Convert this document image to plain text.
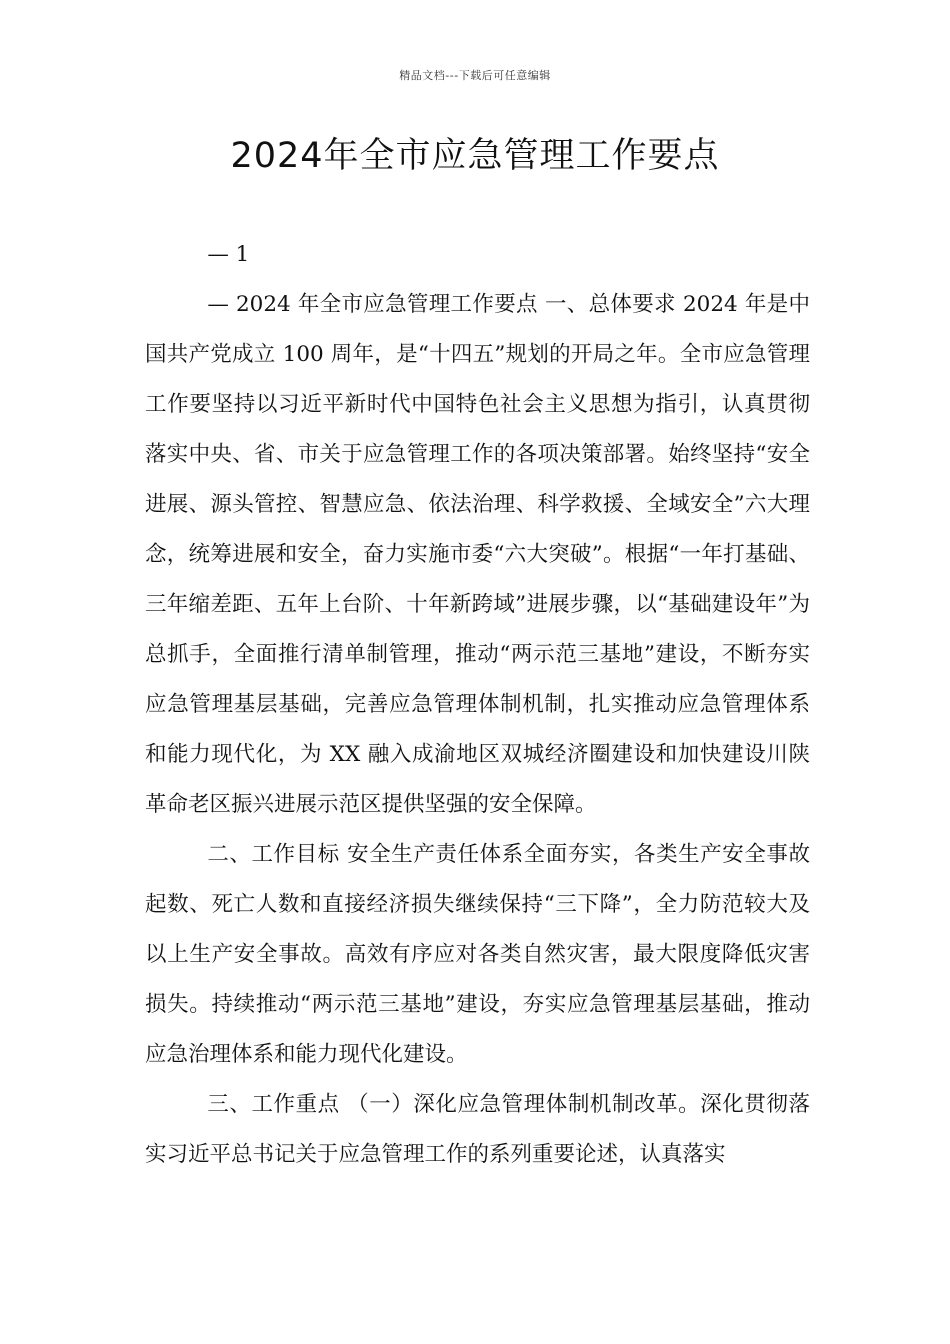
精品文档---下载后可任意编辑
2024年全市应急管理工作要点

— 1

— 2024 年全市应急管理工作要点 一、总体要求 2024 年是中国共产党成立 100 周年，是“十四五”规划的开局之年。全市应急管理工作要坚持以习近平新时代中国特色社会主义思想为指引，认真贯彻落实中央、省、市关于应急管理工作的各项决策部署。始终坚持“安全进展、源头管控、智慧应急、依法治理、科学救援、全域安全”六大理念，统筹进展和安全，奋力实施市委“六大突破”。根据“一年打基础、三年缩差距、五年上台阶、十年新跨域”进展步骤，以“基础建设年”为总抓手，全面推行清单制管理，推动“两示范三基地”建设，不断夯实应急管理基层基础，完善应急管理体制机制，扎实推动应急管理体系和能力现代化，为 XX 融入成渝地区双城经济圈建设和加快建设川陕革命老区振兴进展示范区提供坚强的安全保障。

二、工作目标 安全生产责任体系全面夯实，各类生产安全事故起数、死亡人数和直接经济损失继续保持“三下降”，全力防范较大及以上生产安全事故。高效有序应对各类自然灾害，最大限度降低灾害损失。持续推动“两示范三基地”建设，夯实应急管理基层基础，推动应急治理体系和能力现代化建设。

三、工作重点 （一）深化应急管理体制机制改革。深化贯彻落实习近平总书记关于应急管理工作的系列重要论述，认真落实
